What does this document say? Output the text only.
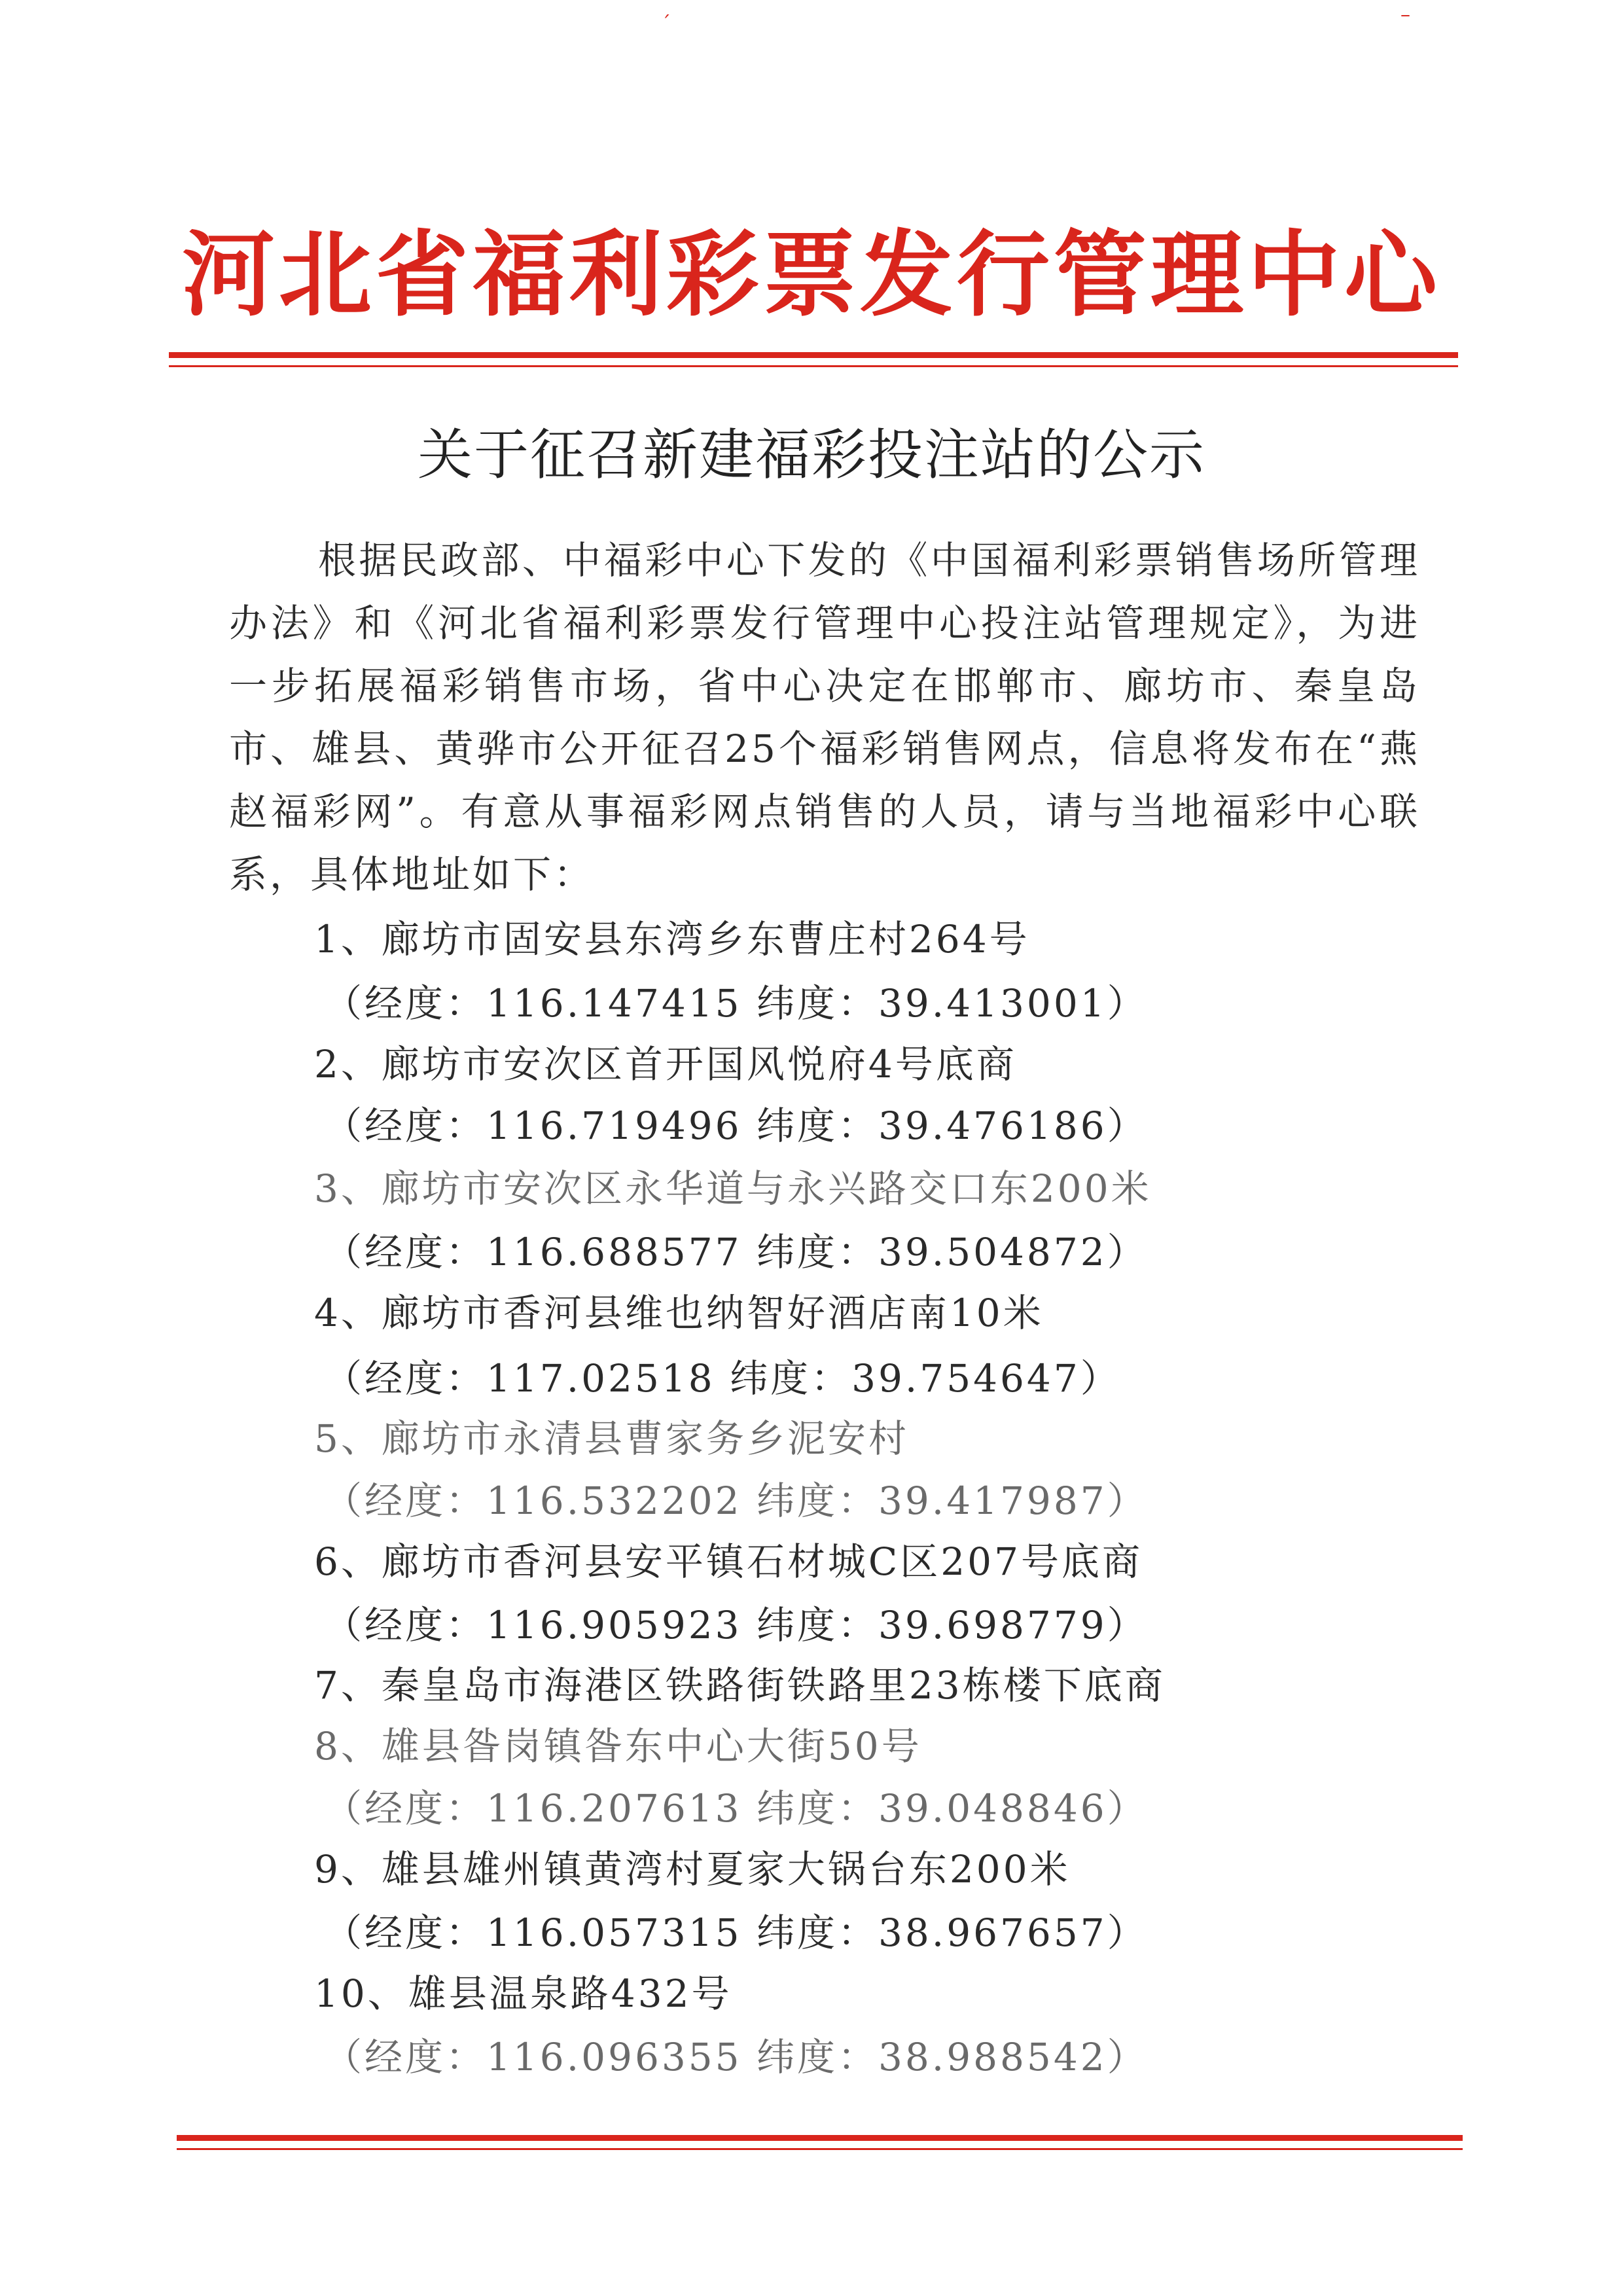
ˊ	–
河北省福利彩票发行管理中心
关于征召新建福彩投注站的公示
根据民政部、中福彩中心下发的《中国福利彩票销售场所管理办法》和《河北省福利彩票发行管理中心投注站管理规定》，为进一步拓展福彩销售市场，省中心决定在邯郸市、廊坊市、秦皇岛市、雄县、黄骅市公开征召25个福彩销售网点，信息将发布在“燕赵福彩网”。有意从事福彩网点销售的人员，请与当地福彩中心联系，具体地址如下：
1、廊坊市固安县东湾乡东曹庄村264号
（经度：116.147415 纬度：39.413001）
2、廊坊市安次区首开国风悦府4号底商
（经度：116.719496 纬度：39.476186）
3、廊坊市安次区永华道与永兴路交口东200米
（经度：116.688577 纬度：39.504872）
4、廊坊市香河县维也纳智好酒店南10米
（经度：117.02518 纬度：39.754647）
5、廊坊市永清县曹家务乡泥安村
（经度：116.532202 纬度：39.417987）
6、廊坊市香河县安平镇石材城C区207号底商
（经度：116.905923 纬度：39.698779）
7、秦皇岛市海港区铁路街铁路里23栋楼下底商
8、雄县昝岗镇昝东中心大街50号
（经度：116.207613 纬度：39.048846）
9、雄县雄州镇黄湾村夏家大锅台东200米
（经度：116.057315 纬度：38.967657）
10、雄县温泉路432号
（经度：116.096355 纬度：38.988542）
